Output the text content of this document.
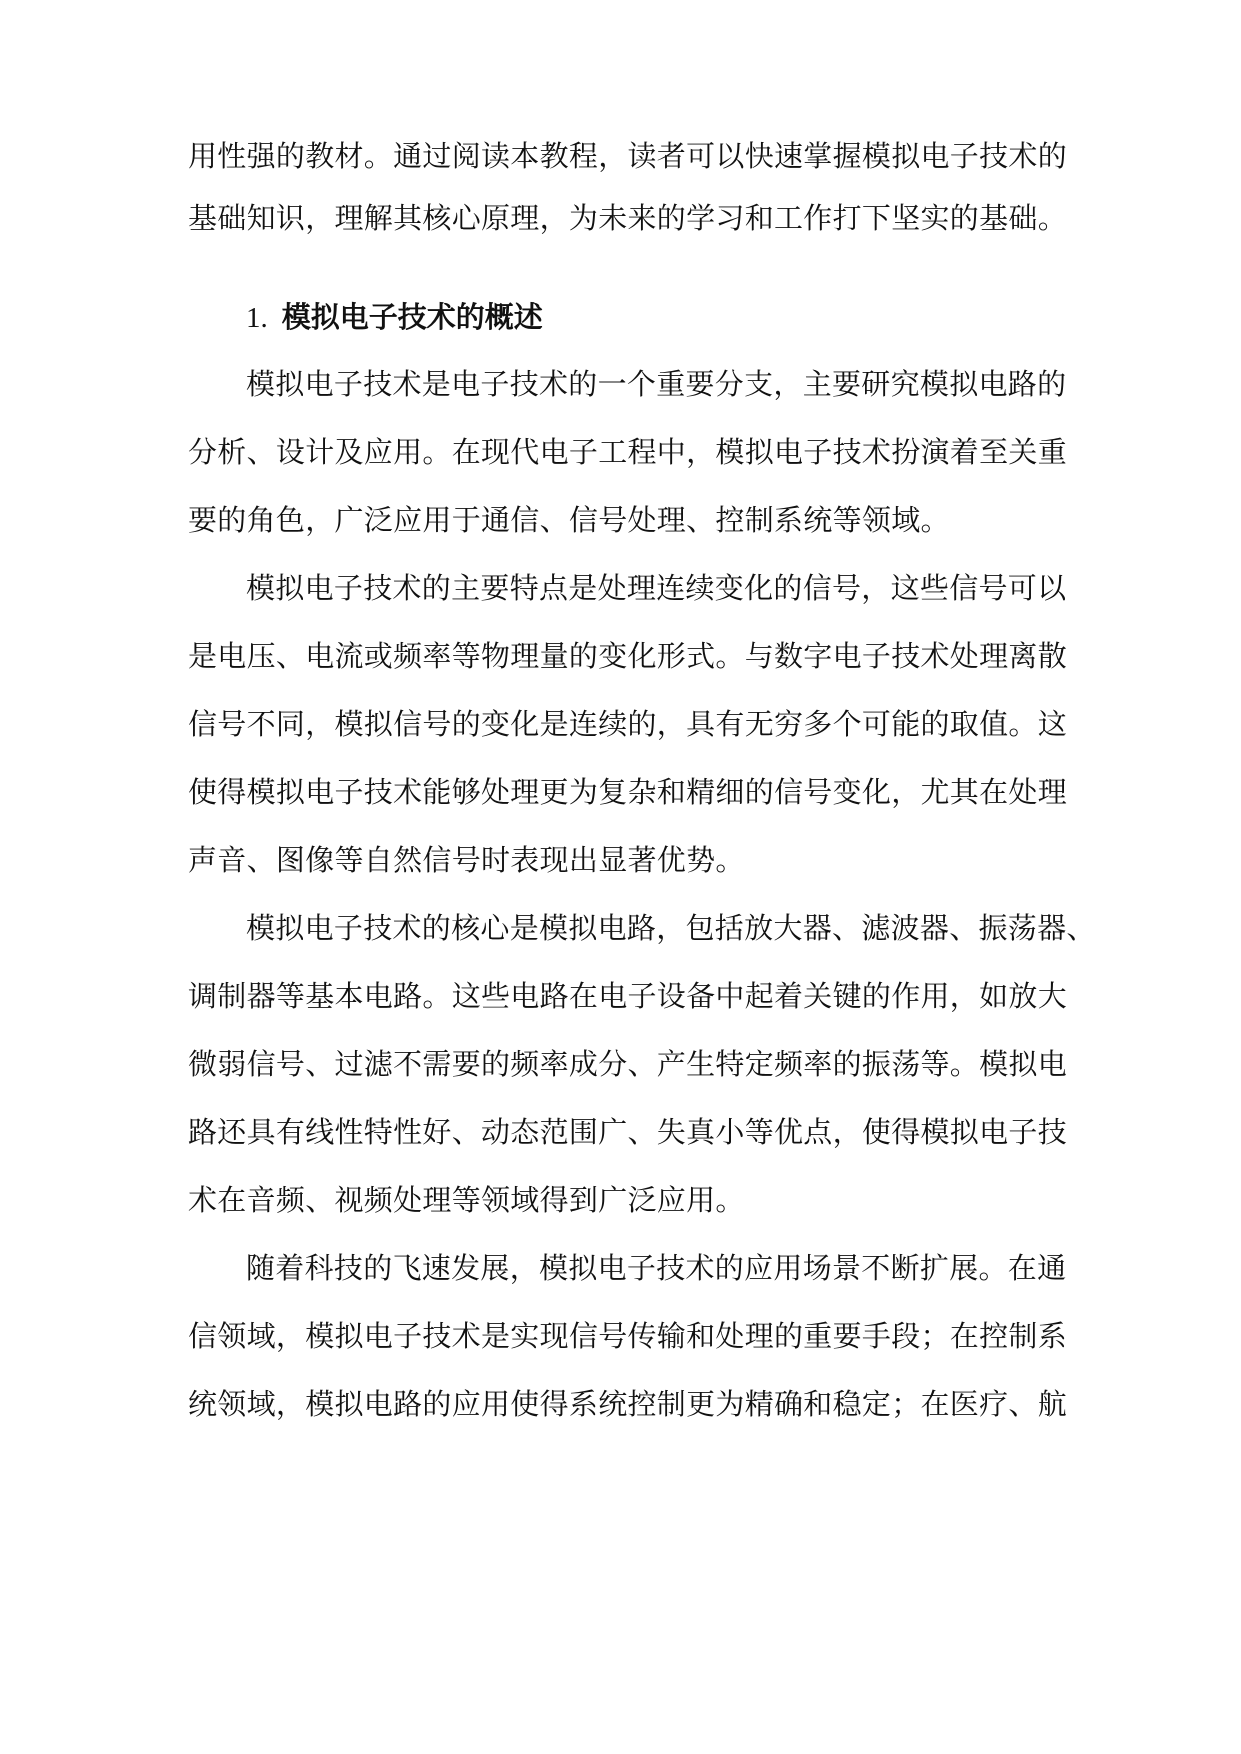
用性强的教材。通过阅读本教程，读者可以快速掌握模拟电子技术的
基础知识，理解其核心原理，为未来的学习和工作打下坚实的基础。
1. 模拟电子技术的概述
模拟电子技术是电子技术的一个重要分支，主要研究模拟电路的
分析、设计及应用。在现代电子工程中，模拟电子技术扮演着至关重
要的角色，广泛应用于通信、信号处理、控制系统等领域。
模拟电子技术的主要特点是处理连续变化的信号，这些信号可以
是电压、电流或频率等物理量的变化形式。与数字电子技术处理离散
信号不同，模拟信号的变化是连续的，具有无穷多个可能的取值。这
使得模拟电子技术能够处理更为复杂和精细的信号变化，尤其在处理
声音、图像等自然信号时表现出显著优势。
模拟电子技术的核心是模拟电路，包括放大器、滤波器、振荡器、
调制器等基本电路。这些电路在电子设备中起着关键的作用，如放大
微弱信号、过滤不需要的频率成分、产生特定频率的振荡等。模拟电
路还具有线性特性好、动态范围广、失真小等优点，使得模拟电子技
术在音频、视频处理等领域得到广泛应用。
随着科技的飞速发展，模拟电子技术的应用场景不断扩展。在通
信领域，模拟电子技术是实现信号传输和处理的重要手段；在控制系
统领域，模拟电路的应用使得系统控制更为精确和稳定；在医疗、航
